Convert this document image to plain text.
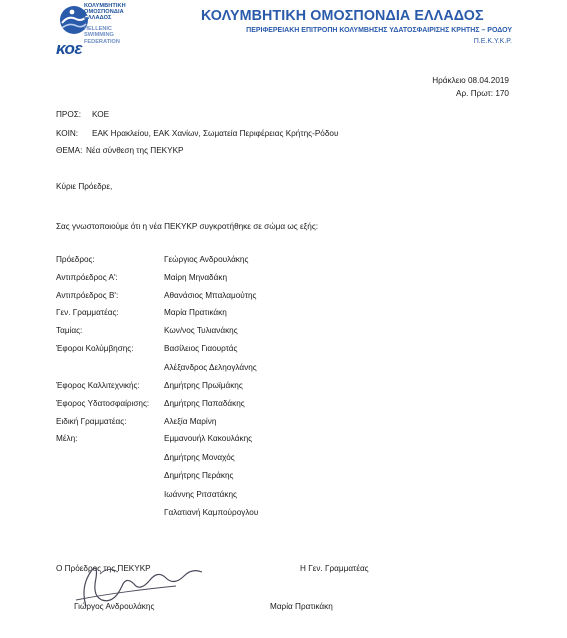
ΚΟΛΥΜΒΗΤΙΚΗ
ΟΜΟΣΠΟΝΔΙΑ
ΕΛΛΑΔΟΣ
HELLENIC
SWIMMING
FEDERATION
κοε
ΚΟΛΥΜΒΗΤΙΚΗ ΟΜΟΣΠΟΝΔΙΑ ΕΛΛΑΔΟΣ
ΠΕΡΙΦΕΡΕΙΑΚΗ ΕΠΙΤΡΟΠΗ ΚΟΛΥΜΒΗΣΗΣ ΥΔΑΤΟΣΦΑΙΡΙΣΗΣ ΚΡΗΤΗΣ – ΡΟΔΟΥ
Π.Ε.Κ.Υ.Κ.Ρ.
Ηράκλειο 08.04.2019
Αρ. Πρωτ: 170
ΠΡΟΣ: ΚΟΕ
ΚΟΙΝ: ΕΑΚ Ηρακλείου, ΕΑΚ Χανίων, Σωματεία Περιφέρειας Κρήτης-Ρόδου
ΘΕΜΑ: Νέα σύνθεση της ΠΕΚΥΚΡ
Κύριε Πρόεδρε,
Σας γνωστοποιούμε ότι η νέα ΠΕΚΥΚΡ συγκροτήθηκε σε σώμα ως εξής:
Πρόεδρος:	Γεώργιος Ανδρουλάκης
Αντιπρόεδρος Α':	Μαίρη Μηναδάκη
Αντιπρόεδρος Β':	Αθανάσιος Μπαλαμούτης
Γεν. Γραμματέας:	Μαρία Πρατικάκη
Ταμίας:	Κων/νος Τυλιανάκης
Έφοροι Κολύμβησης:	Βασίλειος Γιαουρτάς
Αλέξανδρος Δεληογλάνης
Έφορος Καλλιτεχνικής:	Δημήτρης Πρωϊμάκης
Έφορος Υδατοσφαίρισης: Δημήτρης Παπαδάκης
Ειδική Γραμματέας:	Αλεξία Μαρίνη
Μέλη:	Εμμανουήλ Κακουλάκης
Δημήτρης Μοναχός
Δημήτρης Περάκης
Ιωάννης Ριτσατάκης
Γαλατιανή Καμπούρογλου
Ο Πρόεδρος της ΠΕΚΥΚΡ	Η Γεν. Γραμματέας
Γιώργος Ανδρουλάκης	Μαρία Πρατικάκη
